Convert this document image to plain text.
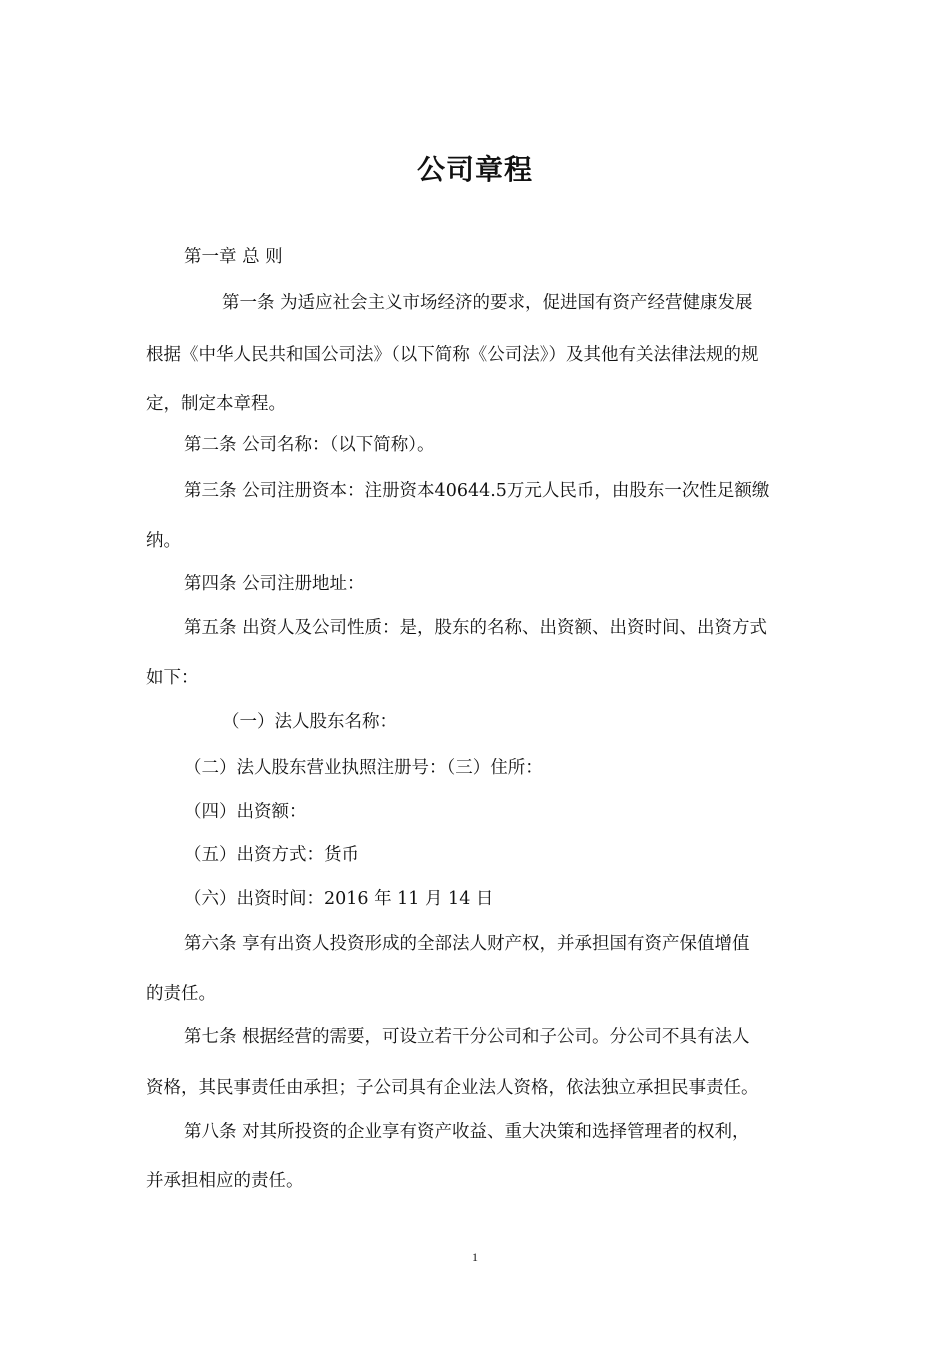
公司章程
第一章 总 则
第一条 为适应社会主义市场经济的要求，促进国有资产经营健康发展
根据《中华人民共和国公司法》（以下简称《公司法》）及其他有关法律法规的规
定，制定本章程。
第二条 公司名称：（以下简称）。
第三条 公司注册资本：注册资本40644.5万元人民币，由股东一次性足额缴
纳。
第四条 公司注册地址：
第五条 出资人及公司性质：是，股东的名称、出资额、出资时间、出资方式
如下：
（一）法人股东名称：
（二）法人股东营业执照注册号：（三）住所：
（四）出资额：
（五）出资方式：货币
（六）出资时间：2016 年 11 月 14 日
第六条 享有出资人投资形成的全部法人财产权，并承担国有资产保值增值
的责任。
第七条 根据经营的需要，可设立若干分公司和子公司。分公司不具有法人
资格，其民事责任由承担；子公司具有企业法人资格，依法独立承担民事责任。
第八条 对其所投资的企业享有资产收益、重大决策和选择管理者的权利，
并承担相应的责任。
1
